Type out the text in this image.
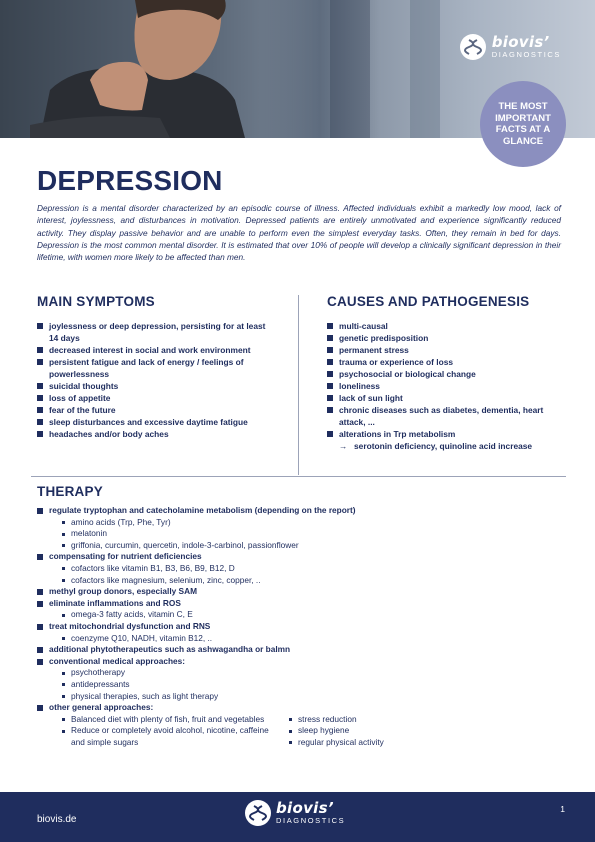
biovis’
DIAGNOSTICS
THE MOST IMPORTANT FACTS AT A GLANCE
DEPRESSION

Depression is a mental disorder characterized by an episodic course of illness. Affected individuals exhibit a markedly low mood, lack of interest, joylessness, and disturbances in motivation. Depressed patients are entirely unmotivated and experience significantly reduced activity. They display passive behavior and are unable to perform even the simplest everyday tasks. Often, they remain in bed for days. Depression is the most common mental disorder. It is estimated that over 10% of people will develop a clinically significant depression in their lifetime, with women more likely to be affected than men.

MAIN SYMPTOMS
joylessness or deep depression, persisting for at least 14 days
decreased interest in social and work environment
persistent fatigue and lack of energy / feelings of powerlessness
suicidal thoughts
loss of appetite
fear of the future
sleep disturbances and excessive daytime fatigue
headaches and/or body aches
CAUSES AND PATHOGENESIS
multi-causal
genetic predisposition
permanent stress
trauma or experience of loss
psychosocial or biological change
loneliness
lack of sun light
chronic diseases such as diabetes, dementia, heart attack, ...
alterations in Trp metabolism
→ serotonin deficiency, quinoline acid increase
THERAPY
regulate tryptophan and catecholamine metabolism (depending on the report)
amino acids (Trp, Phe, Tyr)
melatonin
griffonia, curcumin, quercetin, indole-3-carbinol, passionflower
compensating for nutrient deficiencies
cofactors like vitamin B1, B3, B6, B9, B12, D
cofactors like magnesium, selenium, zinc, copper, ..
methyl group donors, especially SAM
eliminate inflammations and ROS
omega-3 fatty acids, vitamin C, E
treat mitochondrial dysfunction and RNS
coenzyme Q10, NADH, vitamin B12, ..
additional phytotherapeutics such as ashwagandha or balmn
conventional medical approaches:
psychotherapy
antidepressants
physical therapies, such as light therapy
other general approaches:
Balanced diet with plenty of fish, fruit and vegetables
Reduce or completely avoid alcohol, nicotine, caffeine and simple sugars
stress reduction
sleep hygiene
regular physical activity
biovis.de
biovis’
DIAGNOSTICS
1
